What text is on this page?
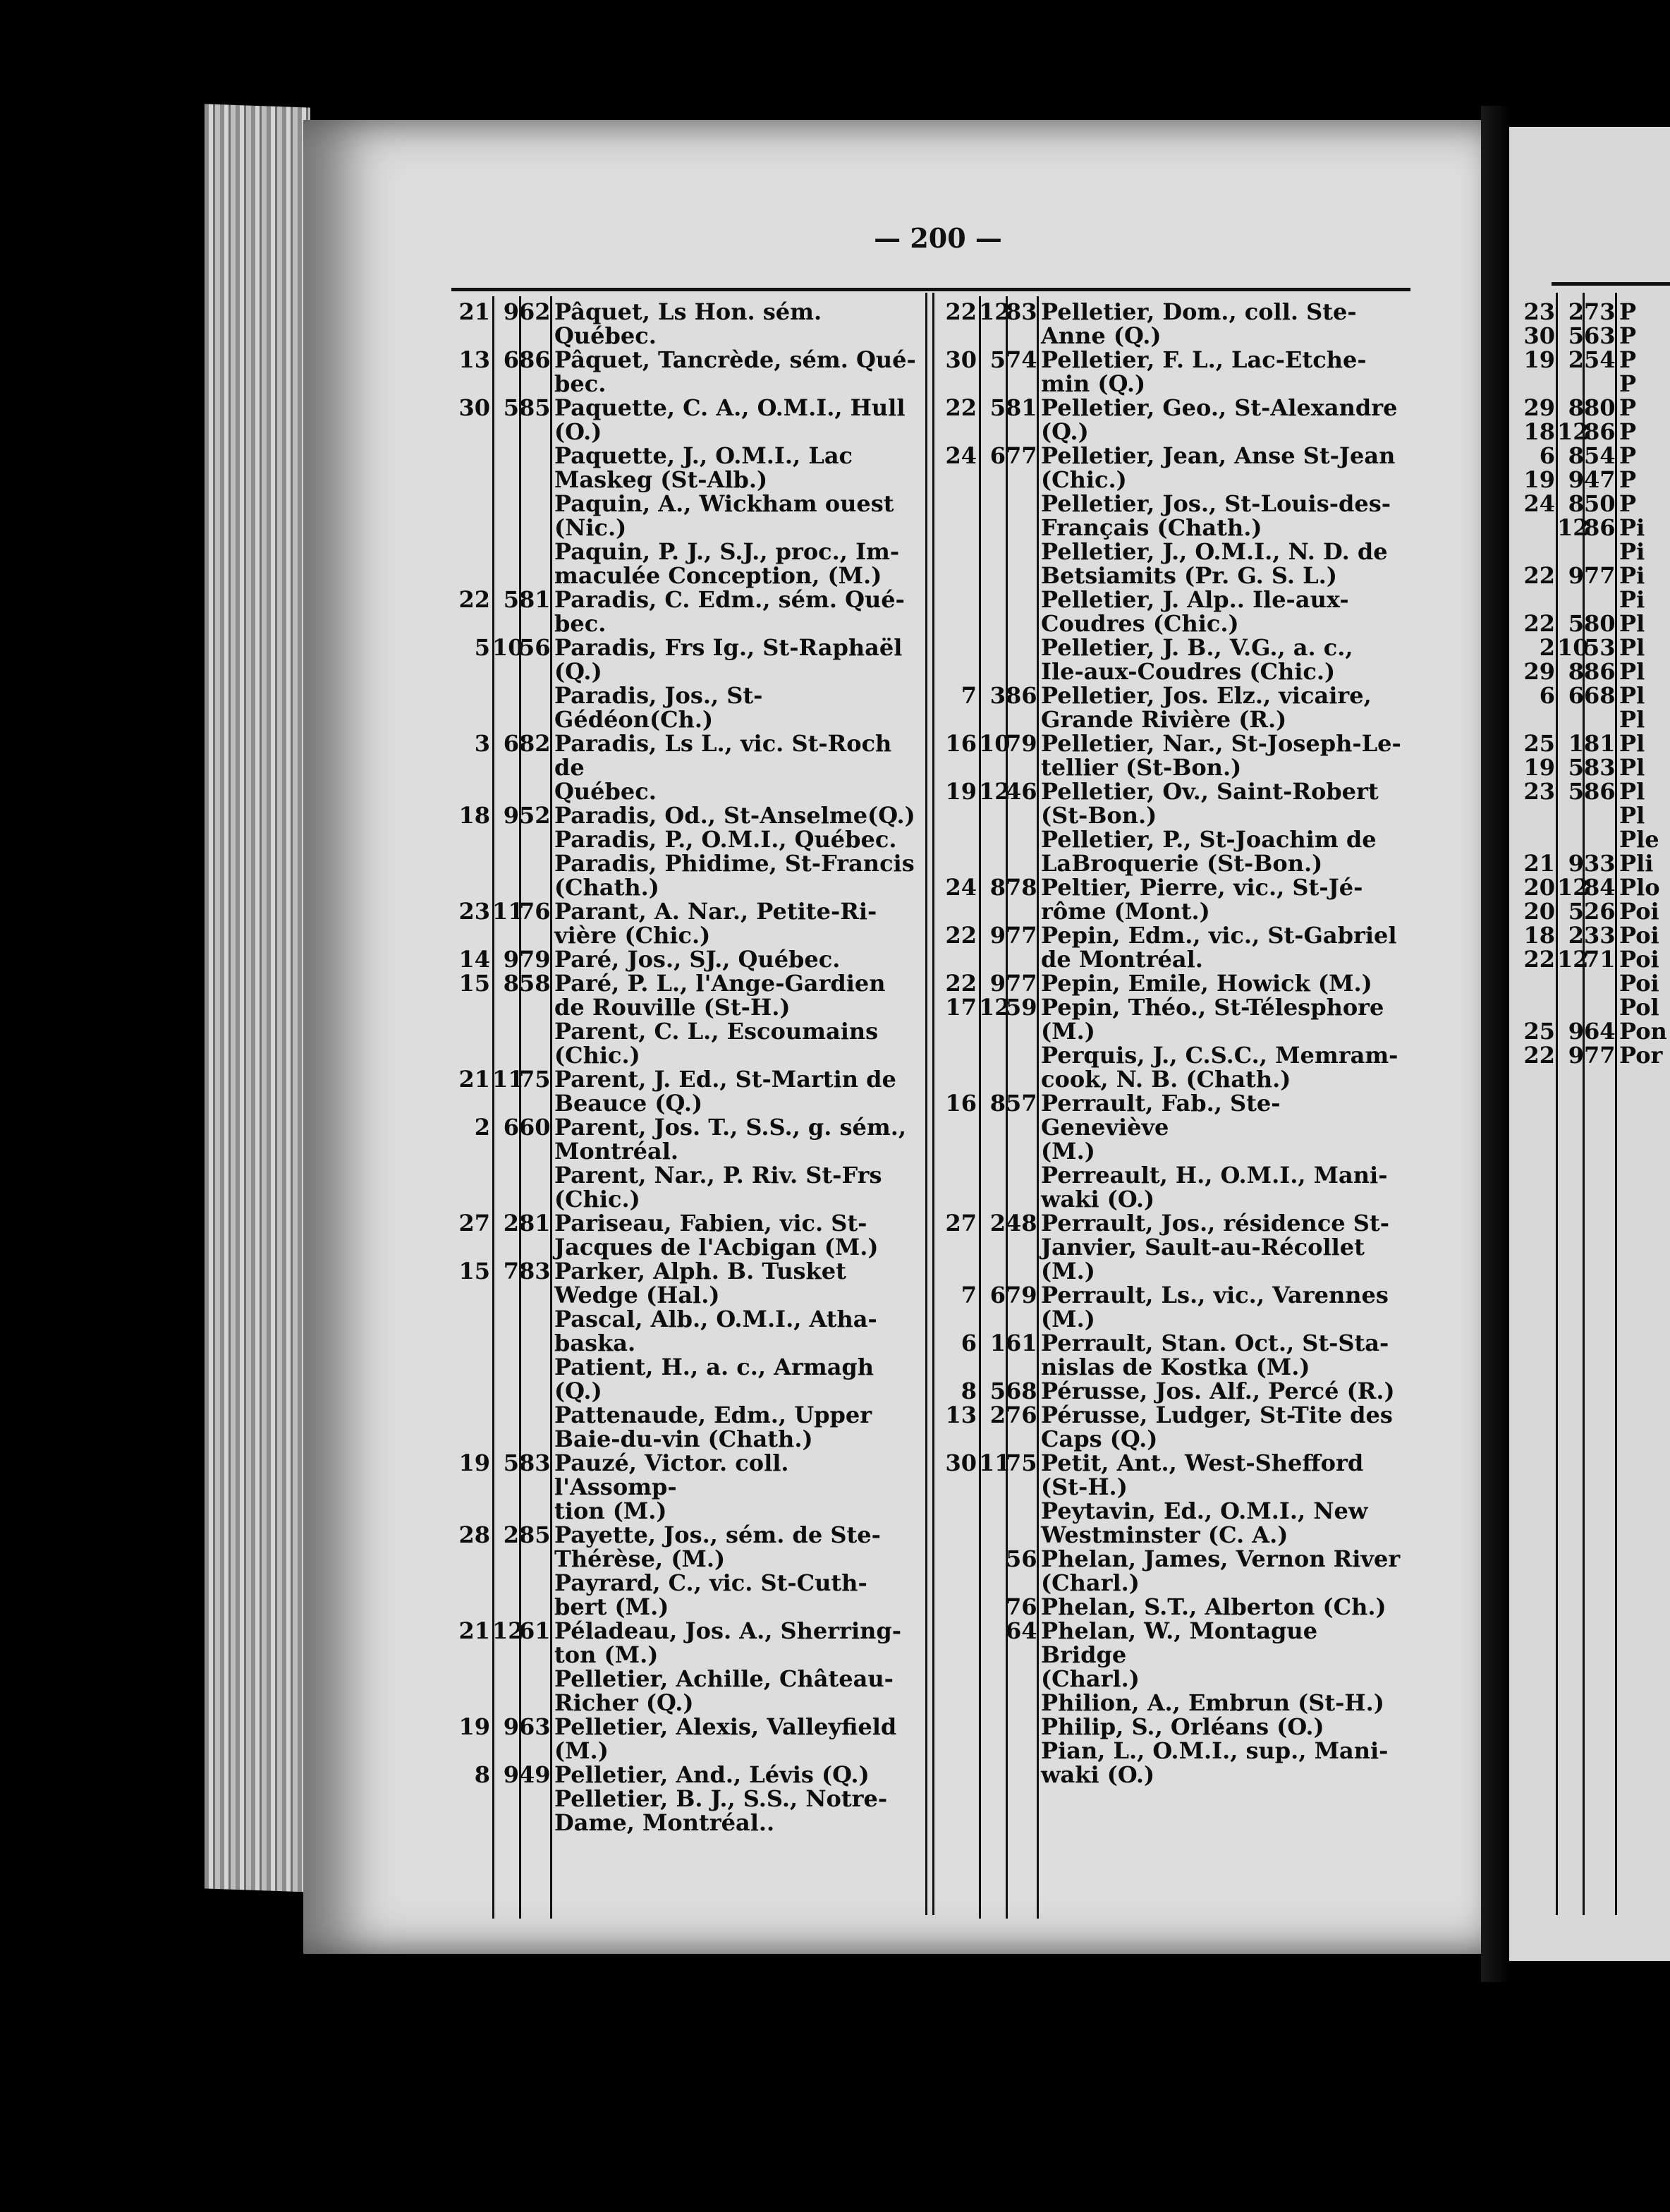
— 200 —
21 9 62 Pâquet, Ls Hon. sém. Québec.
13 6 86 Pâquet, Tancrède, sém. Qué-
bec.
30 5 85 Paquette, C. A., O.M.I., Hull
(O.)
Paquette, J., O.M.I., Lac
Maskeg (St-Alb.)
Paquin, A., Wickham ouest
(Nic.)
Paquin, P. J., S.J., proc., Im-
maculée Conception, (M.)
22 5 81 Paradis, C. Edm., sém. Qué-
bec.
5 10
56 Paradis, Frs Ig., St-Raphaël
(Q.)
Paradis, Jos., St-Gédéon(Ch.)
3 6 82 Paradis, Ls L., vic. St-Roch de
Québec.
18 9 52 Paradis, Od., St-Anselme(Q.)
Paradis, P., O.M.I., Québec.
Paradis, Phidime, St-Francis
(Chath.)
23 11
76 Parant, A. Nar., Petite-Ri-
vière (Chic.)
14 9 79 Paré, Jos., SJ., Québec.
15 8 58 Paré, P. L., l'Ange-Gardien
de Rouville (St-H.)
Parent, C. L., Escoumains
(Chic.)
21 11
75 Parent, J. Ed., St-Martin de
Beauce (Q.)
2 6 60 Parent, Jos. T., S.S., g. sém.,
Montréal.
Parent, Nar., P. Riv. St-Frs
(Chic.)
27 2 81 Pariseau, Fabien, vic. St-
Jacques de l'Acbigan (M.)
15 7 83 Parker, Alph. B. Tusket
Wedge (Hal.)
Pascal, Alb., O.M.I., Atha-
baska.
Patient, H., a. c., Armagh
(Q.)
Pattenaude, Edm., Upper
Baie-du-vin (Chath.)
19 5 83 Pauzé, Victor. coll. l'Assomp-
tion (M.)
28 2 85 Payette, Jos., sém. de Ste-
Thérèse, (M.)
Payrard, C., vic. St-Cuth-
bert (M.)
21 12
61 Péladeau, Jos. A., Sherring-
ton (M.)
Pelletier, Achille, Château-
Richer (Q.)
19 9 63 Pelletier, Alexis, Valleyfield
(M.)
8 9 49 Pelletier, And., Lévis (Q.)
Pelletier, B. J., S.S., Notre-
Dame, Montréal..
22 12
83 Pelletier, Dom., coll. Ste-
Anne (Q.)
30 5 74 Pelletier, F. L., Lac-Etche-
min (Q.)
22 5 81 Pelletier, Geo., St-Alexandre
(Q.)
24 6 77 Pelletier, Jean, Anse St-Jean
(Chic.)
Pelletier, Jos., St-Louis-des-
Français (Chath.)
Pelletier, J., O.M.I., N. D. de
Betsiamits (Pr. G. S. L.)
Pelletier, J. Alp.. Ile-aux-
Coudres (Chic.)
Pelletier, J. B., V.G., a. c.,
Ile-aux-Coudres (Chic.)
7 3 86 Pelletier, Jos. Elz., vicaire,
Grande Rivière (R.)
16 10
79 Pelletier, Nar., St-Joseph-Le-
tellier (St-Bon.)
19 12
46 Pelletier, Ov., Saint-Robert
(St-Bon.)
Pelletier, P., St-Joachim de
LaBroquerie (St-Bon.)
24 8 78 Peltier, Pierre, vic., St-Jé-
rôme (Mont.)
22 9 77 Pepin, Edm., vic., St-Gabriel
de Montréal.
22 9 77 Pepin, Emile, Howick (M.)
17 12
59 Pepin, Théo., St-Télesphore
(M.)
Perquis, J., C.S.C., Memram-
cook, N. B. (Chath.)
16 8 57 Perrault, Fab., Ste-Geneviève
(M.)
Perreault, H., O.M.I., Mani-
waki (O.)
27 2 48 Perrault, Jos., résidence St-
Janvier, Sault-au-Récollet
(M.)
7 6 79 Perrault, Ls., vic., Varennes
(M.)
6 1 61 Perrault, Stan. Oct., St-Sta-
nislas de Kostka (M.)
8 5 68 Pérusse, Jos. Alf., Percé (R.)
13 2 76 Pérusse, Ludger, St-Tite des
Caps (Q.)
30 11
75 Petit, Ant., West-Shefford
(St-H.)
Peytavin, Ed., O.M.I., New
Westminster (C. A.)
56 Phelan, James, Vernon River
(Charl.)
76 Phelan, S.T., Alberton (Ch.)
64 Phelan, W., Montague Bridge
(Charl.)
Philion, A., Embrun (St-H.)
Philip, S., Orléans (O.)
Pian, L., O.M.I., sup., Mani-
waki (O.)
23 2 73 P
30 5 63 P
19 2 54 P
P
29 8 80 P
18 12
86 P
6 8 54 P
19 9 47 P
24 8 50 P
12
86 Pi
Pi
22 9 77 Pi
Pi
22 5 80 Pl
2 10
53 Pl
29 8 86 Pl
6 6 68 Pl
Pl
25 1 81 Pl
19 5 83 Pl
23 5 86 Pl
Pl
Ple
21 9 33 Pli
20 12
84 Plo
20 5 26 Poi
18 2 33 Poi
22 12
71 Poi
Poi
Pol
25 9 64 Pon
22 9 77 Por
